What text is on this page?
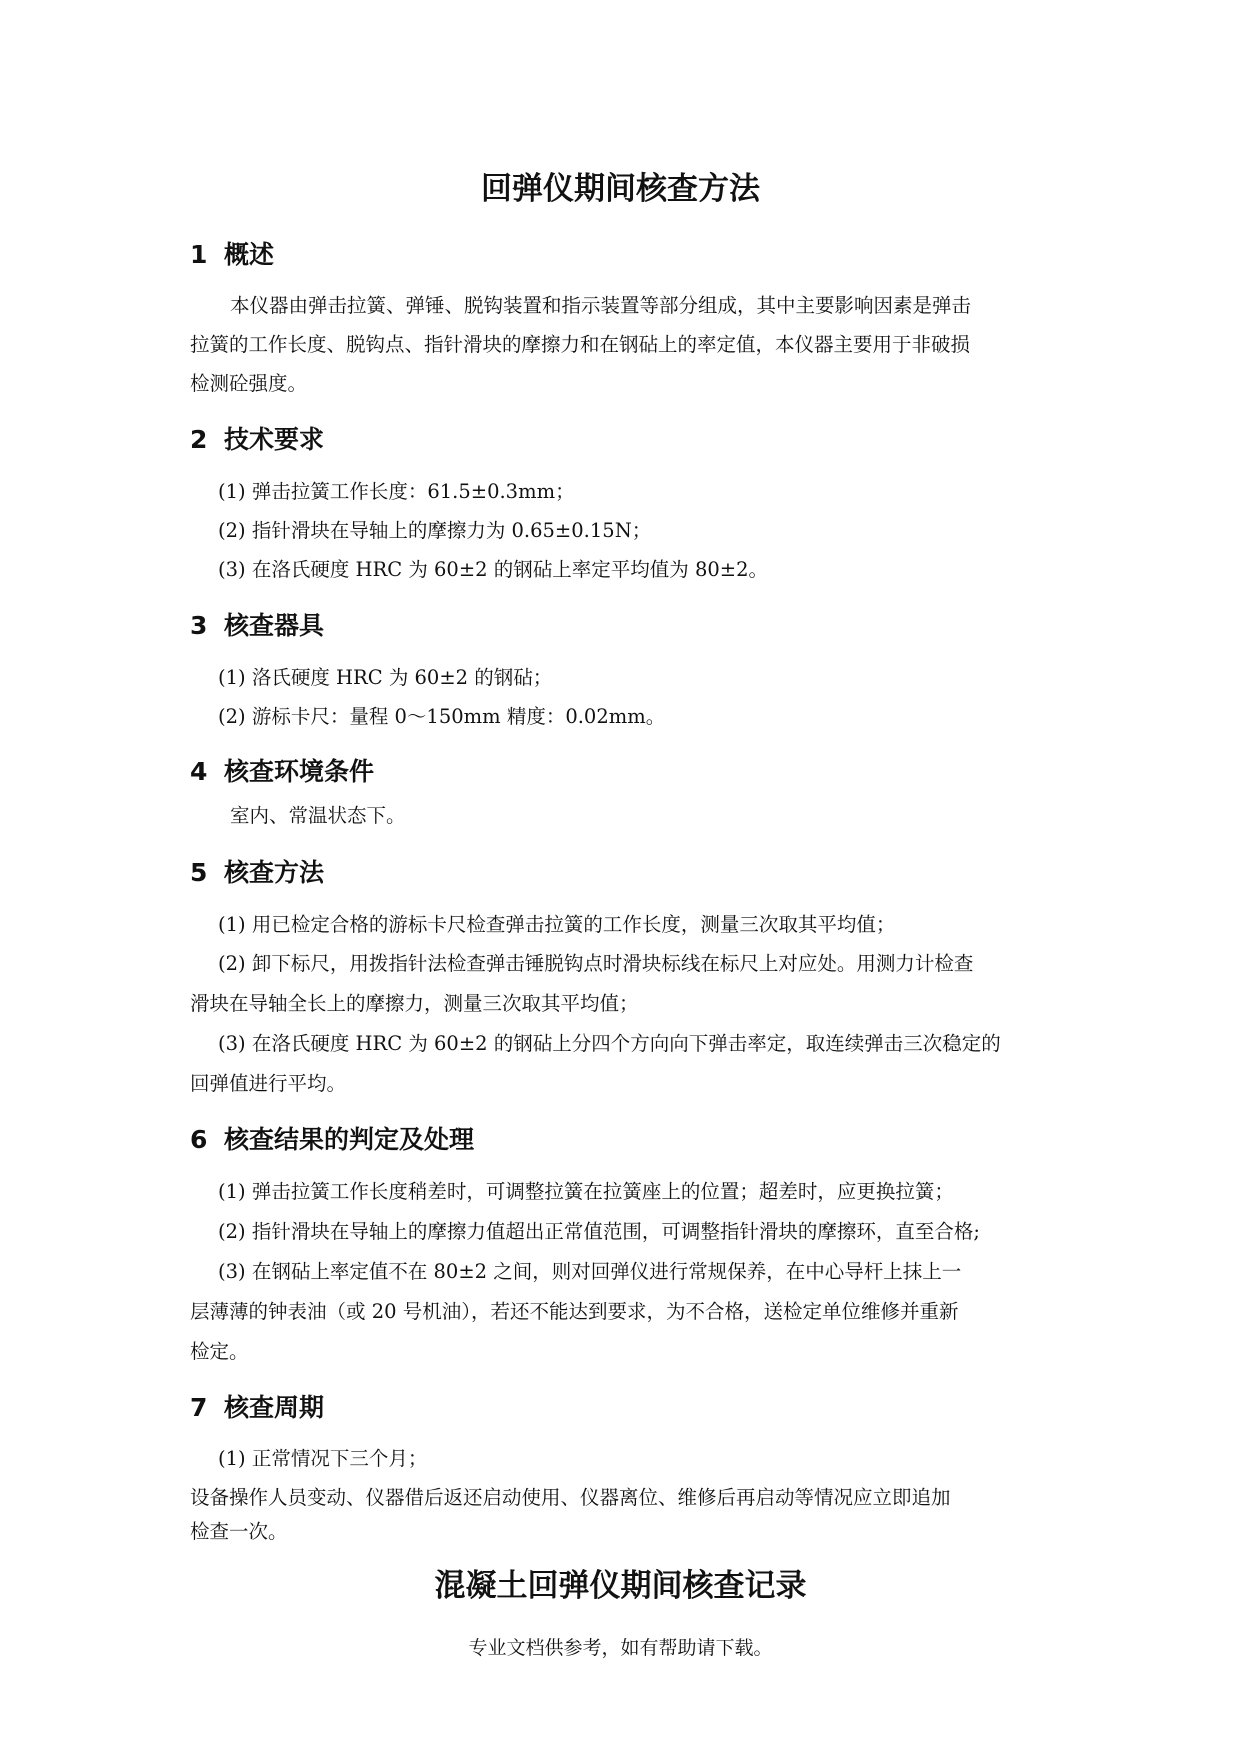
回弹仪期间核查方法
1 概述
本仪器由弹击拉簧、弹锤、脱钩装置和指示装置等部分组成，其中主要影响因素是弹击
拉簧的工作长度、脱钩点、指针滑块的摩擦力和在钢砧上的率定值，本仪器主要用于非破损
检测砼强度。
2 技术要求
(1) 弹击拉簧工作长度：61.5±0.3mm；
(2) 指针滑块在导轴上的摩擦力为 0.65±0.15N；
(3) 在洛氏硬度 HRC 为 60±2 的钢砧上率定平均值为 80±2。
3 核查器具
(1) 洛氏硬度 HRC 为 60±2 的钢砧；
(2) 游标卡尺：量程 0～150mm 精度：0.02mm。
4 核查环境条件
室内、常温状态下。
5 核查方法
(1) 用已检定合格的游标卡尺检查弹击拉簧的工作长度，测量三次取其平均值；
(2) 卸下标尺，用拨指针法检查弹击锤脱钩点时滑块标线在标尺上对应处。用测力计检查
滑块在导轴全长上的摩擦力，测量三次取其平均值；
(3) 在洛氏硬度 HRC 为 60±2 的钢砧上分四个方向向下弹击率定，取连续弹击三次稳定的
回弹值进行平均。
6 核查结果的判定及处理
(1) 弹击拉簧工作长度稍差时，可调整拉簧在拉簧座上的位置；超差时，应更换拉簧；
(2) 指针滑块在导轴上的摩擦力值超出正常值范围，可调整指针滑块的摩擦环，直至合格;
(3) 在钢砧上率定值不在 80±2 之间，则对回弹仪进行常规保养，在中心导杆上抹上一
层薄薄的钟表油（或 20 号机油），若还不能达到要求，为不合格，送检定单位维修并重新
检定。
7 核查周期
(1) 正常情况下三个月；
设备操作人员变动、仪器借后返还启动使用、仪器离位、维修后再启动等情况应立即追加
检查一次。
混凝土回弹仪期间核查记录
专业文档供参考，如有帮助请下载。
